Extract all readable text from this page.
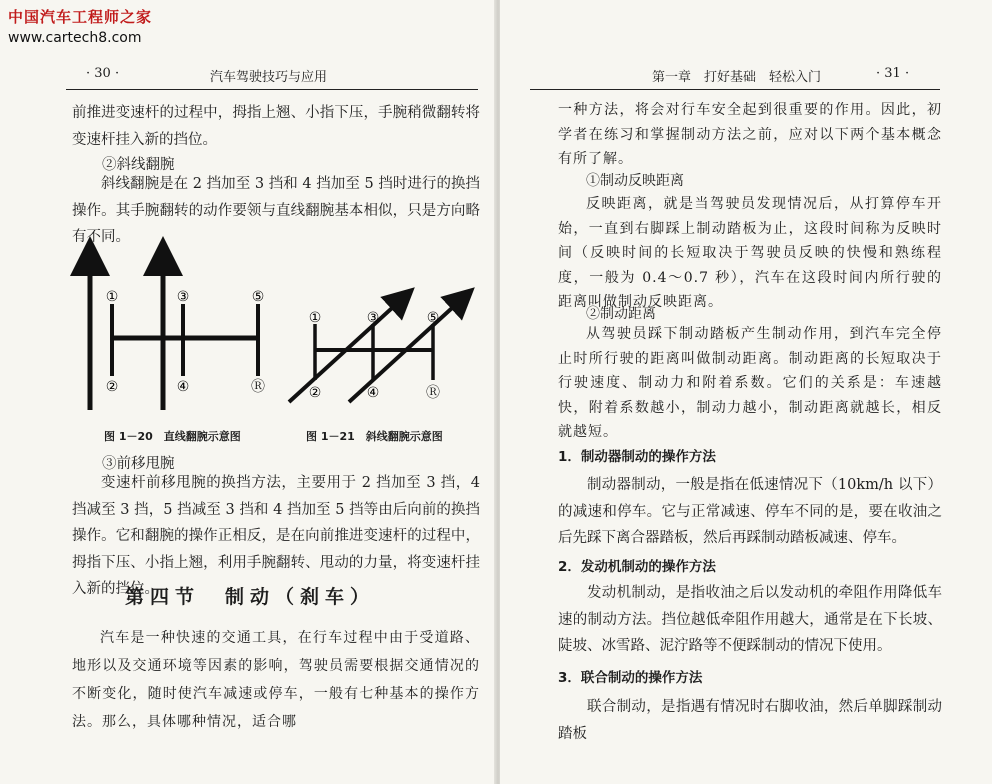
中国汽车工程师之家
www.cartech8.com
· 30 ·	汽车驾驶技巧与应用

前推进变速杆的过程中，拇指上翘、小指下压，手腕稍微翻转将变速杆挂入新的挡位。

②斜线翻腕

斜线翻腕是在 2 挡加至 3 挡和 4 挡加至 5 挡时进行的换挡操作。其手腕翻转的动作要领与直线翻腕基本相似，只是方向略有不同。

①
②
③
④
⑤
Ⓡ
图 1－20　直线翻腕示意图
①
②
③
④
⑤
Ⓡ
图 1－21　斜线翻腕示意图
③前移甩腕

变速杆前移甩腕的换挡方法，主要用于 2 挡加至 3 挡，4 挡减至 3 挡，5 挡减至 3 挡和 4 挡加至 5 挡等由后向前的换挡操作。它和翻腕的操作正相反，是在向前推进变速杆的过程中，拇指下压、小指上翘，利用手腕翻转、甩动的力量，将变速杆挂入新的挡位。

第四节　制动（刹车）

汽车是一种快速的交通工具，在行车过程中由于受道路、地形以及交通环境等因素的影响，驾驶员需要根据交通情况的不断变化，随时使汽车减速或停车，一般有七种基本的操作方法。那么，具体哪种情况，适合哪

第一章　打好基础　轻松入门	· 31 ·

一种方法，将会对行车安全起到很重要的作用。因此，初学者在练习和掌握制动方法之前，应对以下两个基本概念有所了解。

①制动反映距离

反映距离，就是当驾驶员发现情况后，从打算停车开始，一直到右脚踩上制动踏板为止，这段时间称为反映时间（反映时间的长短取决于驾驶员反映的快慢和熟练程度，一般为 0.4～0.7 秒），汽车在这段时间内所行驶的距离叫做制动反映距离。

②制动距离

从驾驶员踩下制动踏板产生制动作用，到汽车完全停止时所行驶的距离叫做制动距离。制动距离的长短取决于行驶速度、制动力和附着系数。它们的关系是：车速越快，附着系数越小，制动力越小，制动距离就越长，相反就越短。

1．制动器制动的操作方法

制动器制动，一般是指在低速情况下（10km/h 以下）的减速和停车。它与正常减速、停车不同的是，要在收油之后先踩下离合器踏板，然后再踩制动踏板减速、停车。

2．发动机制动的操作方法

发动机制动，是指收油之后以发动机的牵阻作用降低车速的制动方法。挡位越低牵阻作用越大，通常是在下长坡、陡坡、冰雪路、泥泞路等不便踩制动的情况下使用。

3．联合制动的操作方法

联合制动，是指遇有情况时右脚收油，然后单脚踩制动踏板
